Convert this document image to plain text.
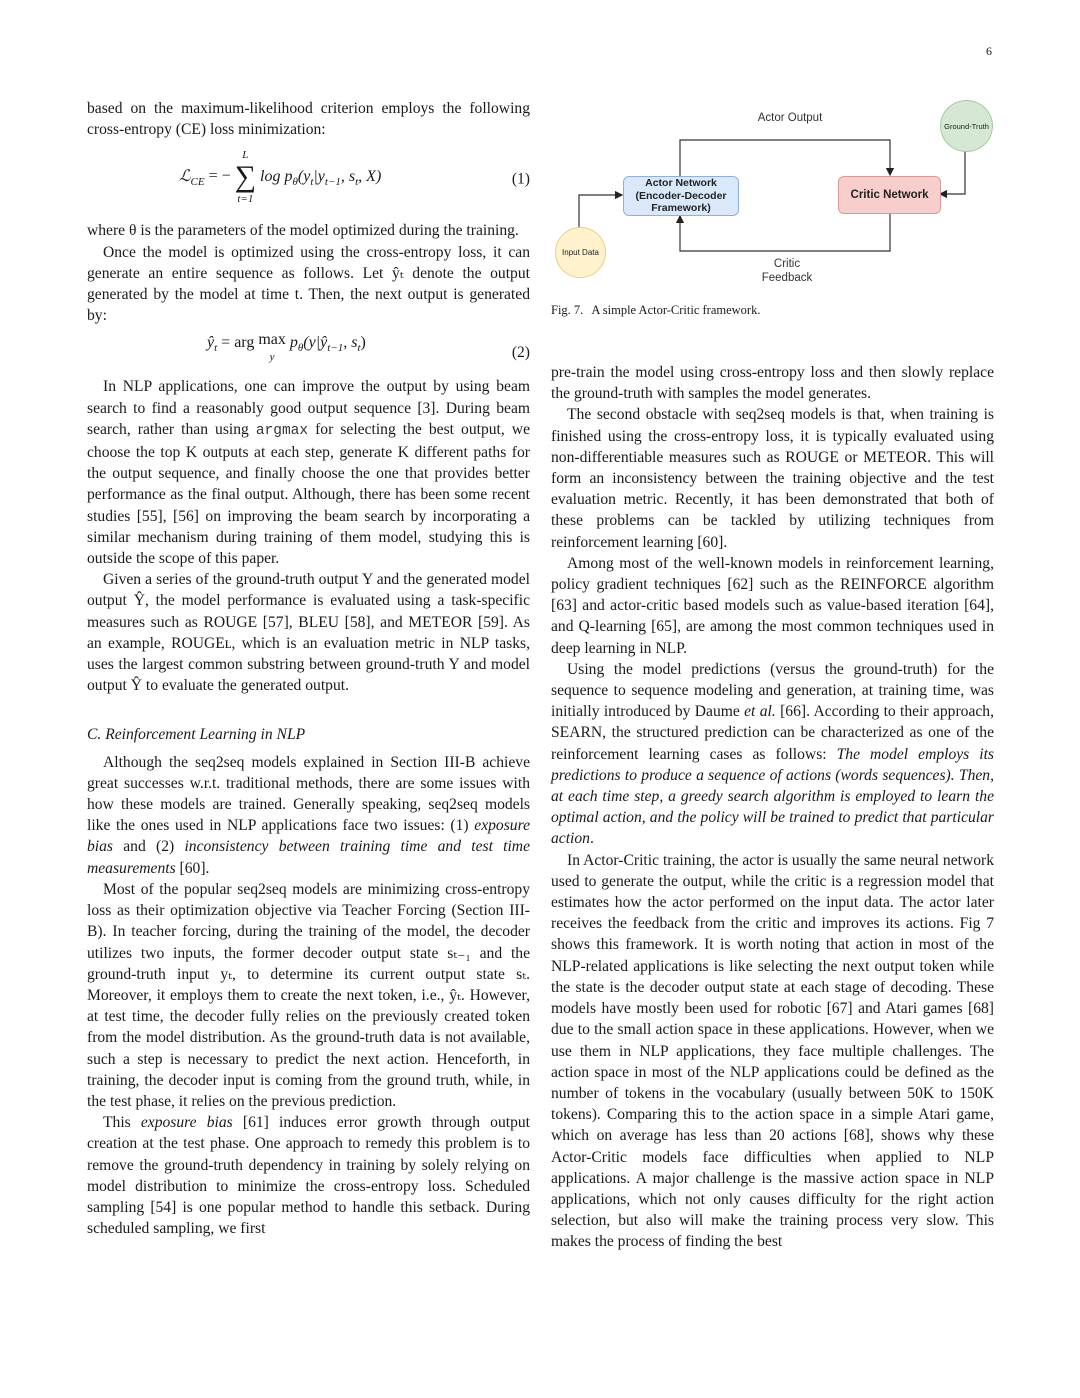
6

based on the maximum-likelihood criterion employs the following cross-entropy (CE) loss minimization:

ℒ$_{CE}$ = −
L
∑
t=1
$\log p_\theta(y_t|y_{t-1}$, $s_t$, X)	(1)

where θ is the parameters of the model optimized during the training.

Once the model is optimized using the cross-entropy loss, it can generate an entire sequence as follows. Let ŷₜ denote the output generated by the model at time t. Then, the next output is generated by:

$ŷ_t$ = arg max
y $p_\theta(y|ŷ_{t-1}$, $s_t$)
(2)

In NLP applications, one can improve the output by using beam search to find a reasonably good output sequence [3]. During beam search, rather than using argmax for selecting the best output, we choose the top K outputs at each step, generate K different paths for the output sequence, and finally choose the one that provides better performance as the final output. Although, there has been some recent studies [55], [56] on improving the beam search by incorporating a similar mechanism during training of them model, studying this is outside the scope of this paper.

Given a series of the ground-truth output Y and the generated model output Ŷ, the model performance is evaluated using a task-specific measures such as ROUGE [57], BLEU [58], and METEOR [59]. As an example, ROUGEʟ, which is an evaluation metric in NLP tasks, uses the largest common substring between ground-truth Y and model output Ŷ to evaluate the generated output.

C. Reinforcement Learning in NLP

Although the seq2seq models explained in Section III-B achieve great successes w.r.t. traditional methods, there are some issues with how these models are trained. Generally speaking, seq2seq models like the ones used in NLP applications face two issues: (1) exposure bias and (2) inconsistency between training time and test time measurements [60].

Most of the popular seq2seq models are minimizing cross-entropy loss as their optimization objective via Teacher Forcing (Section III-B). In teacher forcing, during the training of the model, the decoder utilizes two inputs, the former decoder output state sₜ₋₁ and the ground-truth input yₜ, to determine its current output state sₜ. Moreover, it employs them to create the next token, i.e., ŷₜ. However, at test time, the decoder fully relies on the previously created token from the model distribution. As the ground-truth data is not available, such a step is necessary to predict the next action. Henceforth, in training, the decoder input is coming from the ground truth, while, in the test phase, it relies on the previous prediction.

This exposure bias [61] induces error growth through output creation at the test phase. One approach to remedy this problem is to remove the ground-truth dependency in training by solely relying on model distribution to minimize the cross-entropy loss. Scheduled sampling [54] is one popular method to handle this setback. During scheduled sampling, we first

Actor Output
Actor Network
(Encoder-Decoder
Framework)
Critic Network
Input Data
Ground-Truth
Critic
Feedback
Fig. 7. A simple Actor-Critic framework.

pre-train the model using cross-entropy loss and then slowly replace the ground-truth with samples the model generates.

The second obstacle with seq2seq models is that, when training is finished using the cross-entropy loss, it is typically evaluated using non-differentiable measures such as ROUGE or METEOR. This will form an inconsistency between the training objective and the test evaluation metric. Recently, it has been demonstrated that both of these problems can be tackled by utilizing techniques from reinforcement learning [60].

Among most of the well-known models in reinforcement learning, policy gradient techniques [62] such as the REINFORCE algorithm [63] and actor-critic based models such as value-based iteration [64], and Q-learning [65], are among the most common techniques used in deep learning in NLP.

Using the model predictions (versus the ground-truth) for the sequence to sequence modeling and generation, at training time, was initially introduced by Daume et al. [66]. According to their approach, SEARN, the structured prediction can be characterized as one of the reinforcement learning cases as follows: The model employs its predictions to produce a sequence of actions (words sequences). Then, at each time step, a greedy search algorithm is employed to learn the optimal action, and the policy will be trained to predict that particular action.

In Actor-Critic training, the actor is usually the same neural network used to generate the output, while the critic is a regression model that estimates how the actor performed on the input data. The actor later receives the feedback from the critic and improves its actions. Fig 7 shows this framework. It is worth noting that action in most of the NLP-related applications is like selecting the next output token while the state is the decoder output state at each stage of decoding. These models have mostly been used for robotic [67] and Atari games [68] due to the small action space in these applications. However, when we use them in NLP applications, they face multiple challenges. The action space in most of the NLP applications could be defined as the number of tokens in the vocabulary (usually between 50K to 150K tokens). Comparing this to the action space in a simple Atari game, which on average has less than 20 actions [68], shows why these Actor-Critic models face difficulties when applied to NLP applications. A major challenge is the massive action space in NLP applications, which not only causes difficulty for the right action selection, but also will make the training process very slow. This makes the process of finding the best
